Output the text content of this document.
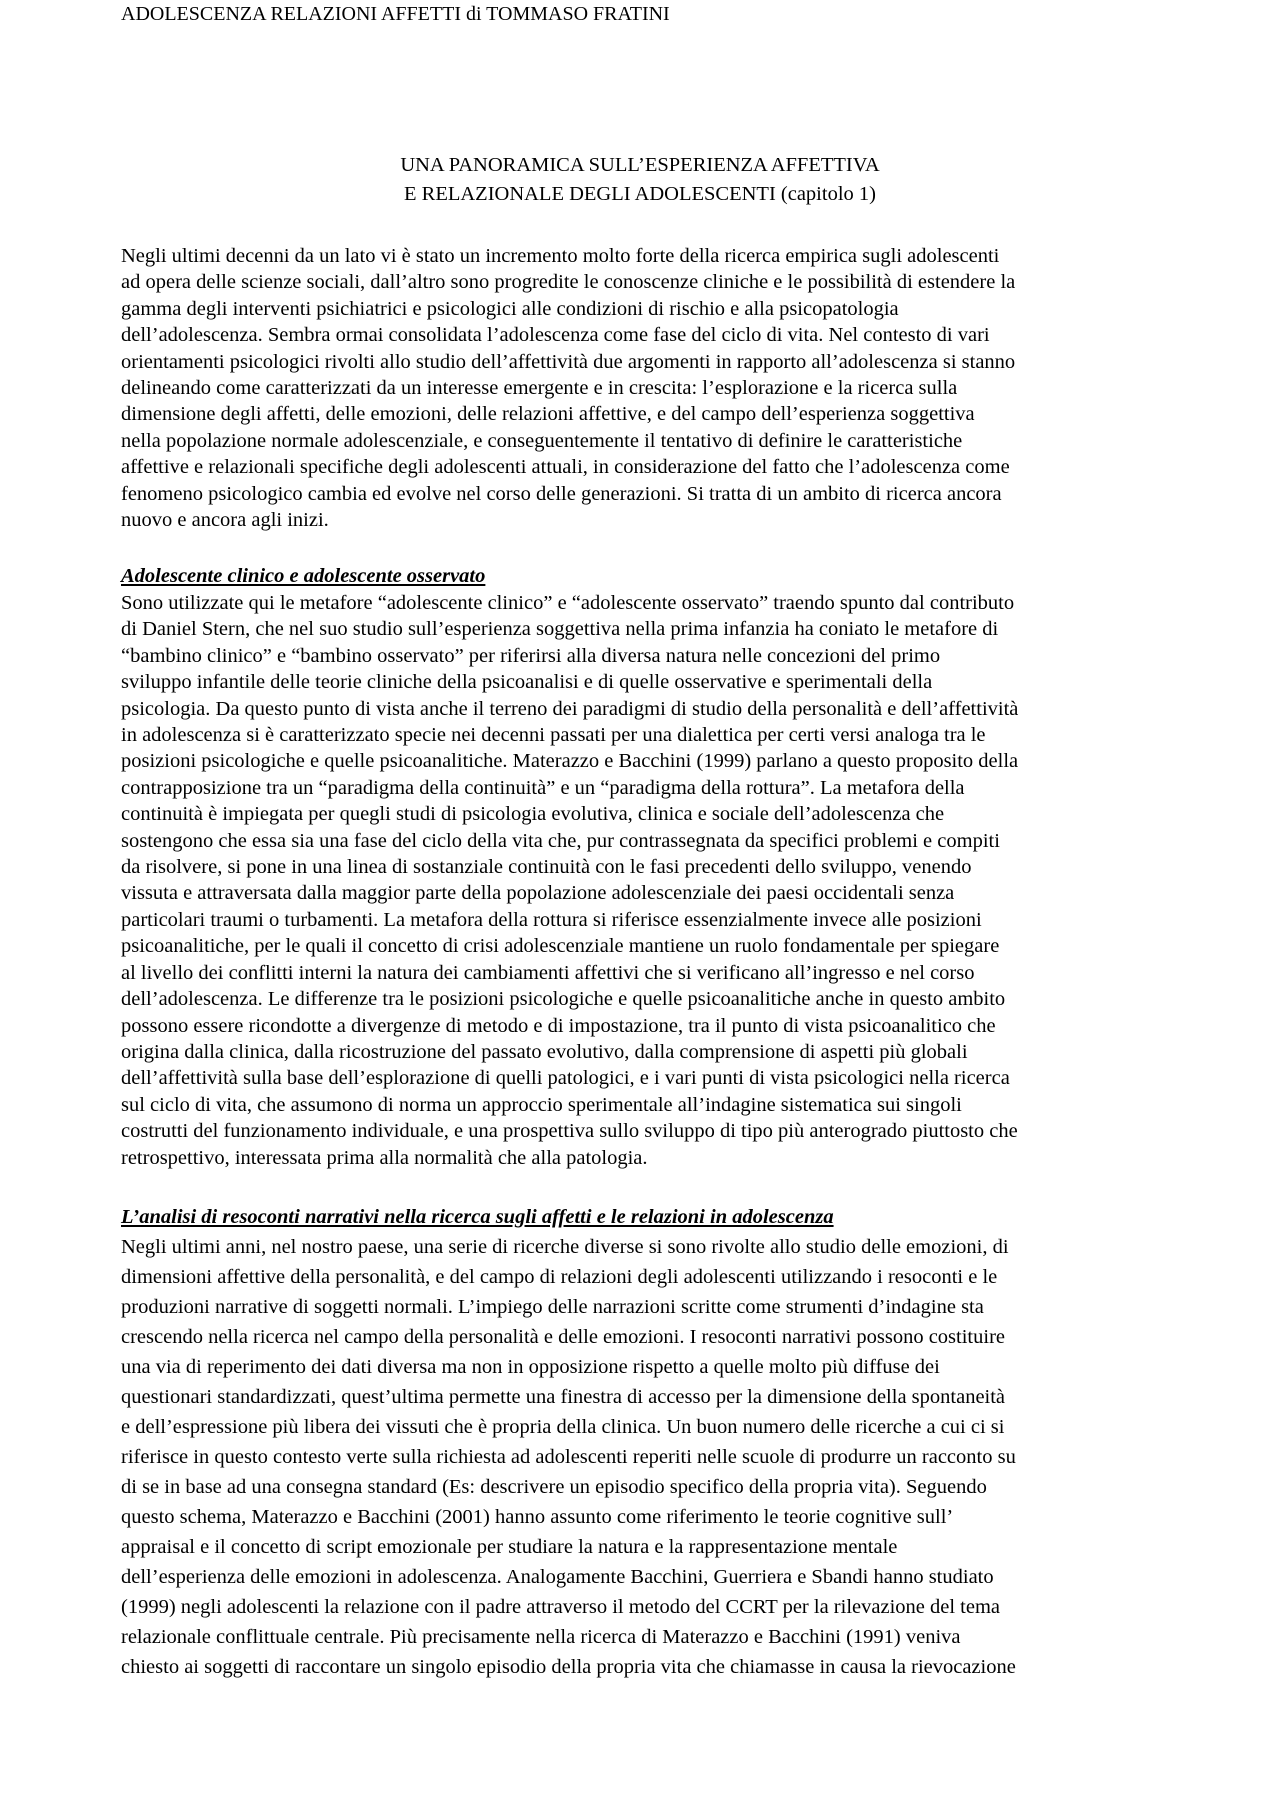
ADOLESCENZA RELAZIONI AFFETTI di TOMMASO FRATINI
UNA PANORAMICA SULL’ESPERIENZA AFFETTIVA
E RELAZIONALE DEGLI ADOLESCENTI (capitolo 1)
Negli ultimi decenni da un lato vi è stato un incremento molto forte della ricerca empirica sugli adolescenti
ad opera delle scienze sociali, dall’altro sono progredite le conoscenze cliniche e le possibilità di estendere la
gamma degli interventi psichiatrici e psicologici alle condizioni di rischio e alla psicopatologia
dell’adolescenza. Sembra ormai consolidata l’adolescenza come fase del ciclo di vita. Nel contesto di vari
orientamenti psicologici rivolti allo studio dell’affettività due argomenti in rapporto all’adolescenza si stanno
delineando come caratterizzati da un interesse emergente e in crescita: l’esplorazione e la ricerca sulla
dimensione degli affetti, delle emozioni, delle relazioni affettive, e del campo dell’esperienza soggettiva
nella popolazione normale adolescenziale, e conseguentemente il tentativo di definire le caratteristiche
affettive e relazionali specifiche degli adolescenti attuali, in considerazione del fatto che l’adolescenza come
fenomeno psicologico cambia ed evolve nel corso delle generazioni. Si tratta di un ambito di ricerca ancora
nuovo e ancora agli inizi.
Adolescente clinico e adolescente osservato
Sono utilizzate qui le metafore “adolescente clinico” e “adolescente osservato” traendo spunto dal contributo
di Daniel Stern, che nel suo studio sull’esperienza soggettiva nella prima infanzia ha coniato le metafore di
“bambino clinico” e “bambino osservato” per riferirsi alla diversa natura nelle concezioni del primo
sviluppo infantile delle teorie cliniche della psicoanalisi e di quelle osservative e sperimentali della
psicologia. Da questo punto di vista anche il terreno dei paradigmi di studio della personalità e dell’affettività
in adolescenza si è caratterizzato specie nei decenni passati per una dialettica per certi versi analoga tra le
posizioni psicologiche e quelle psicoanalitiche. Materazzo e Bacchini (1999) parlano a questo proposito della
contrapposizione tra un “paradigma della continuità” e un “paradigma della rottura”. La metafora della
continuità è impiegata per quegli studi di psicologia evolutiva, clinica e sociale dell’adolescenza che
sostengono che essa sia una fase del ciclo della vita che, pur contrassegnata da specifici problemi e compiti
da risolvere, si pone in una linea di sostanziale continuità con le fasi precedenti dello sviluppo, venendo
vissuta e attraversata dalla maggior parte della popolazione adolescenziale dei paesi occidentali senza
particolari traumi o turbamenti. La metafora della rottura si riferisce essenzialmente invece alle posizioni
psicoanalitiche, per le quali il concetto di crisi adolescenziale mantiene un ruolo fondamentale per spiegare
al livello dei conflitti interni la natura dei cambiamenti affettivi che si verificano all’ingresso e nel corso
dell’adolescenza. Le differenze tra le posizioni psicologiche e quelle psicoanalitiche anche in questo ambito
possono essere ricondotte a divergenze di metodo e di impostazione, tra il punto di vista psicoanalitico che
origina dalla clinica, dalla ricostruzione del passato evolutivo, dalla comprensione di aspetti più globali
dell’affettività sulla base dell’esplorazione di quelli patologici, e i vari punti di vista psicologici nella ricerca
sul ciclo di vita, che assumono di norma un approccio sperimentale all’indagine sistematica sui singoli
costrutti del funzionamento individuale, e una prospettiva sullo sviluppo di tipo più anterogrado piuttosto che
retrospettivo, interessata prima alla normalità che alla patologia.
L’analisi di resoconti narrativi nella ricerca sugli affetti e le relazioni in adolescenza
Negli ultimi anni, nel nostro paese, una serie di ricerche diverse si sono rivolte allo studio delle emozioni, di
dimensioni affettive della personalità, e del campo di relazioni degli adolescenti utilizzando i resoconti e le
produzioni narrative di soggetti normali. L’impiego delle narrazioni scritte come strumenti d’indagine sta
crescendo nella ricerca nel campo della personalità e delle emozioni. I resoconti narrativi possono costituire
una via di reperimento dei dati diversa ma non in opposizione rispetto a quelle molto più diffuse dei
questionari standardizzati, quest’ultima permette una finestra di accesso per la dimensione della spontaneità
e dell’espressione più libera dei vissuti che è propria della clinica. Un buon numero delle ricerche a cui ci si
riferisce in questo contesto verte sulla richiesta ad adolescenti reperiti nelle scuole di produrre un racconto su
di se in base ad una consegna standard (Es: descrivere un episodio specifico della propria vita). Seguendo
questo schema, Materazzo e Bacchini (2001) hanno assunto come riferimento le teorie cognitive sull’
appraisal e il concetto di script emozionale per studiare la natura e la rappresentazione mentale
dell’esperienza delle emozioni in adolescenza. Analogamente Bacchini, Guerriera e Sbandi hanno studiato
(1999) negli adolescenti la relazione con il padre attraverso il metodo del CCRT per la rilevazione del tema
relazionale conflittuale centrale. Più precisamente nella ricerca di Materazzo e Bacchini (1991) veniva
chiesto ai soggetti di raccontare un singolo episodio della propria vita che chiamasse in causa la rievocazione
